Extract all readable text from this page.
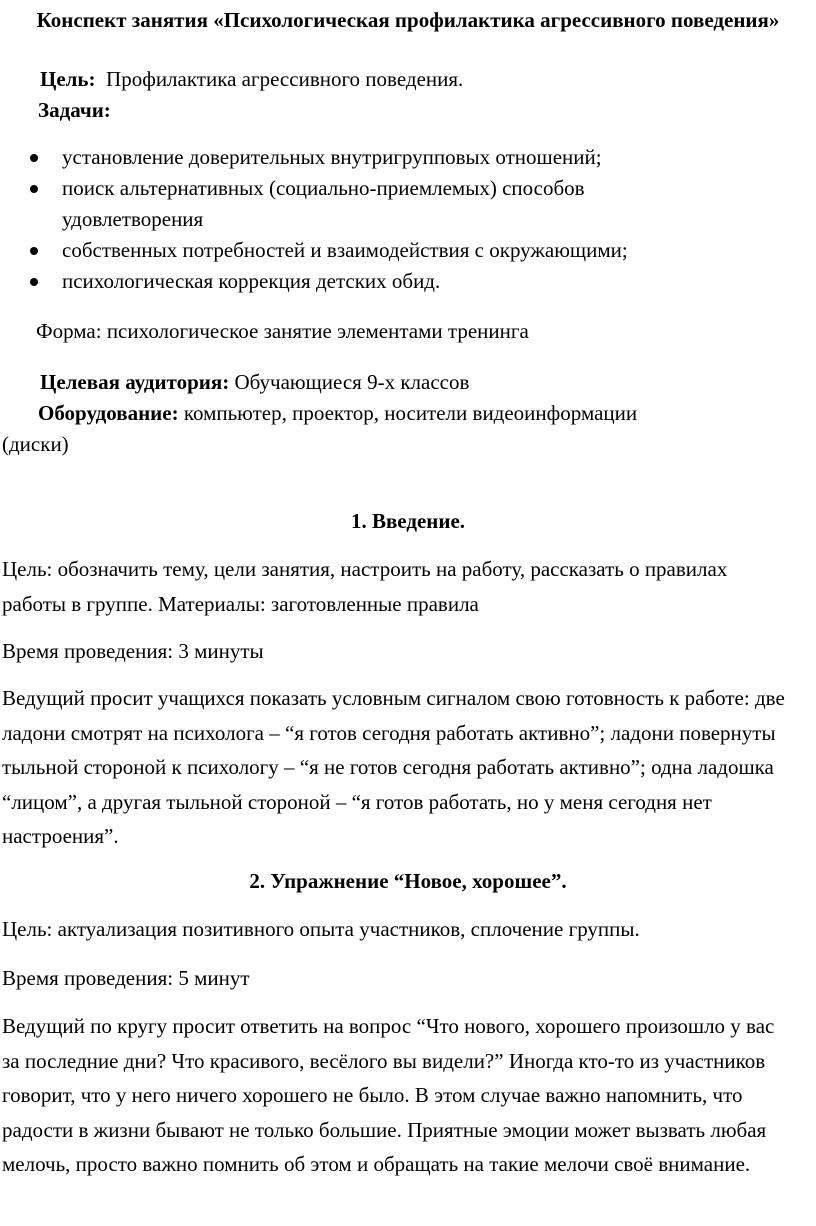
Конспект занятия «Психологическая профилактика агрессивного поведения»
Цель: Профилактика агрессивного поведения.
Задачи:
установление доверительных внутригрупповых отношений;
поиск альтернативных (социально-приемлемых) способов удовлетворения
собственных потребностей и взаимодействия с окружающими;
психологическая коррекция детских обид.
Форма: психологическое занятие элементами тренинга
Целевая аудитория: Обучающиеся 9-х классов
Оборудование: компьютер, проектор, носители видеоинформации
(диски)
1. Введение.
Цель: обозначить тему, цели занятия, настроить на работу, рассказать о правилах работы в группе. Материалы: заготовленные правила
Время проведения: 3 минуты
Ведущий просит учащихся показать условным сигналом свою готовность к работе: две ладони смотрят на психолога – “я готов сегодня работать активно”; ладони повернуты тыльной стороной к психологу – “я не готов сегодня работать активно”; одна ладошка “лицом”, а другая тыльной стороной – “я готов работать, но у меня сегодня нет настроения”.
2. Упражнение “Новое, хорошее”.
Цель: актуализация позитивного опыта участников, сплочение группы.
Время проведения: 5 минут
Ведущий по кругу просит ответить на вопрос “Что нового, хорошего произошло у вас за последние дни? Что красивого, весёлого вы видели?” Иногда кто-то из участников говорит, что у него ничего хорошего не было. В этом случае важно напомнить, что радости в жизни бывают не только большие. Приятные эмоции может вызвать любая мелочь, просто важно помнить об этом и обращать на такие мелочи своё внимание.
